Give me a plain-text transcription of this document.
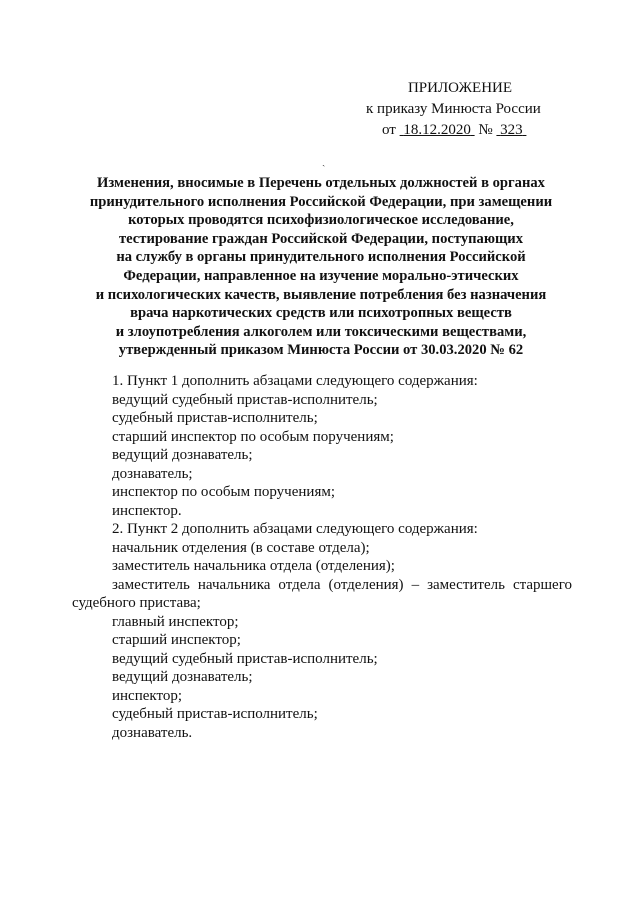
ПРИЛОЖЕНИЕ
к приказу Минюста России
от 18.12.2020 № 323
ˏ
Изменения, вносимые в Перечень отдельных должностей в органах
принудительного исполнения Российской Федерации, при замещении
которых проводятся психофизиологическое исследование,
тестирование граждан Российской Федерации, поступающих
на службу в органы принудительного исполнения Российской
Федерации, направленное на изучение морально-этических
и психологических качеств, выявление потребления без назначения
врача наркотических средств или психотропных веществ
и злоупотребления алкоголем или токсическими веществами,
утвержденный приказом Минюста России от 30.03.2020 № 62
1. Пункт 1 дополнить абзацами следующего содержания:
ведущий судебный пристав-исполнитель;
судебный пристав-исполнитель;
старший инспектор по особым поручениям;
ведущий дознаватель;
дознаватель;
инспектор по особым поручениям;
инспектор.
2. Пункт 2 дополнить абзацами следующего содержания:
начальник отделения (в составе отдела);
заместитель начальника отдела (отделения);
заместитель начальника отдела (отделения) – заместитель старшего
судебного пристава;
главный инспектор;
старший инспектор;
ведущий судебный пристав-исполнитель;
ведущий дознаватель;
инспектор;
судебный пристав-исполнитель;
дознаватель.
